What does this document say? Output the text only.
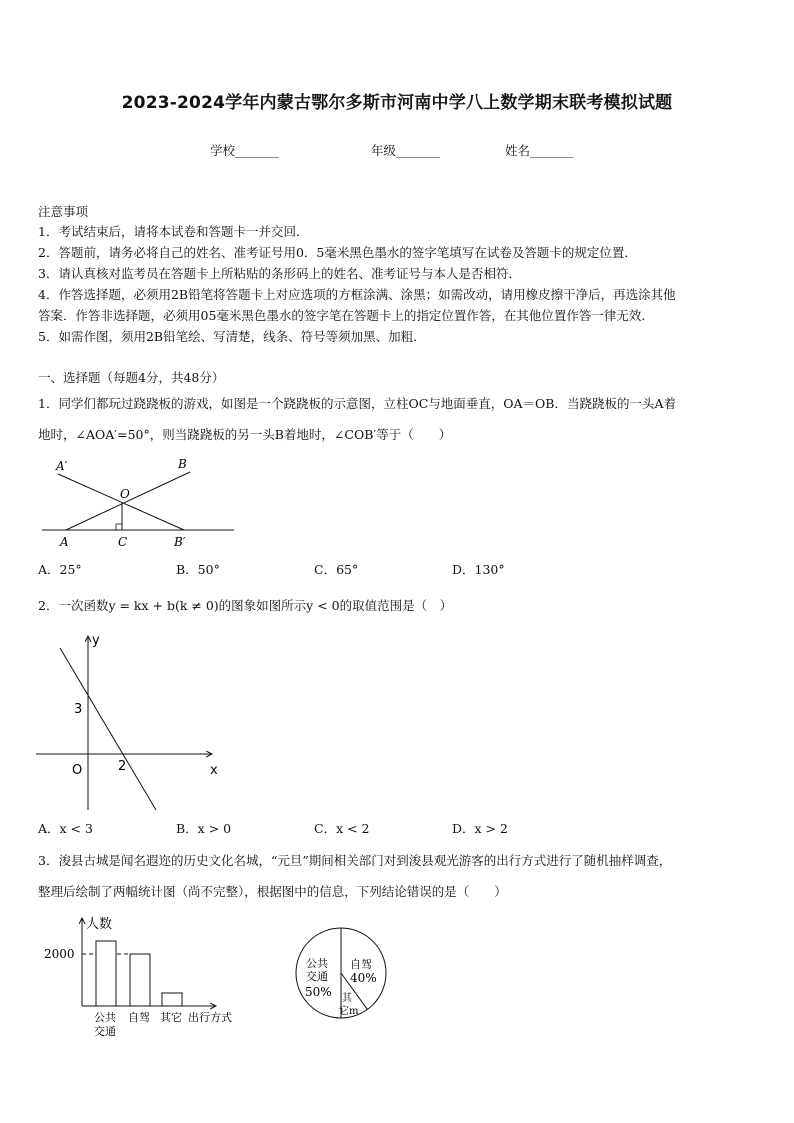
2023-2024学年内蒙古鄂尔多斯市河南中学八上数学期末联考模拟试题
学校_______	年级_______	姓名_______
注意事项
1．考试结束后，请将本试卷和答题卡一并交回．
2．答题前，请务必将自己的姓名、准考证号用0．5毫米黑色墨水的签字笔填写在试卷及答题卡的规定位置．
3．请认真核对监考员在答题卡上所粘贴的条形码上的姓名、准考证号与本人是否相符．
4．作答选择题，必须用2B铅笔将答题卡上对应选项的方框涂满、涂黑；如需改动，请用橡皮擦干净后，再选涂其他
答案．作答非选择题，必须用05毫米黑色墨水的签字笔在答题卡上的指定位置作答，在其他位置作答一律无效．
5．如需作图，须用2B铅笔绘、写清楚，线条、符号等须加黑、加粗．
一、选择题（每题4分，共48分）
1．同学们都玩过跷跷板的游戏，如图是一个跷跷板的示意图，立柱OC与地面垂直，OA＝OB．当跷跷板的一头A着
地时，∠AOA′=50°，则当跷跷板的另一头B着地时，∠COB′等于（　　）
A′	B
O
A	C	B′
A．25°	B．50°	C．65°	D．130°
2．一次函数y = kx + b(k ≠ 0)的图象如图所示y < 0的取值范围是（　）
y
x
O
3
2
A．x < 3	B．x > 0	C．x < 2	D．x > 2
3．浚县古城是闻名遐迩的历史文化名城，“元旦”期间相关部门对到浚县观光游客的出行方式进行了随机抽样调查，
整理后绘制了两幅统计图（尚不完整），根据图中的信息，下列结论错误的是（　　）
人数
2000
公共
交通
自驾 其它 出行方式
公共
交通
50%
自驾
40%
其
它m
